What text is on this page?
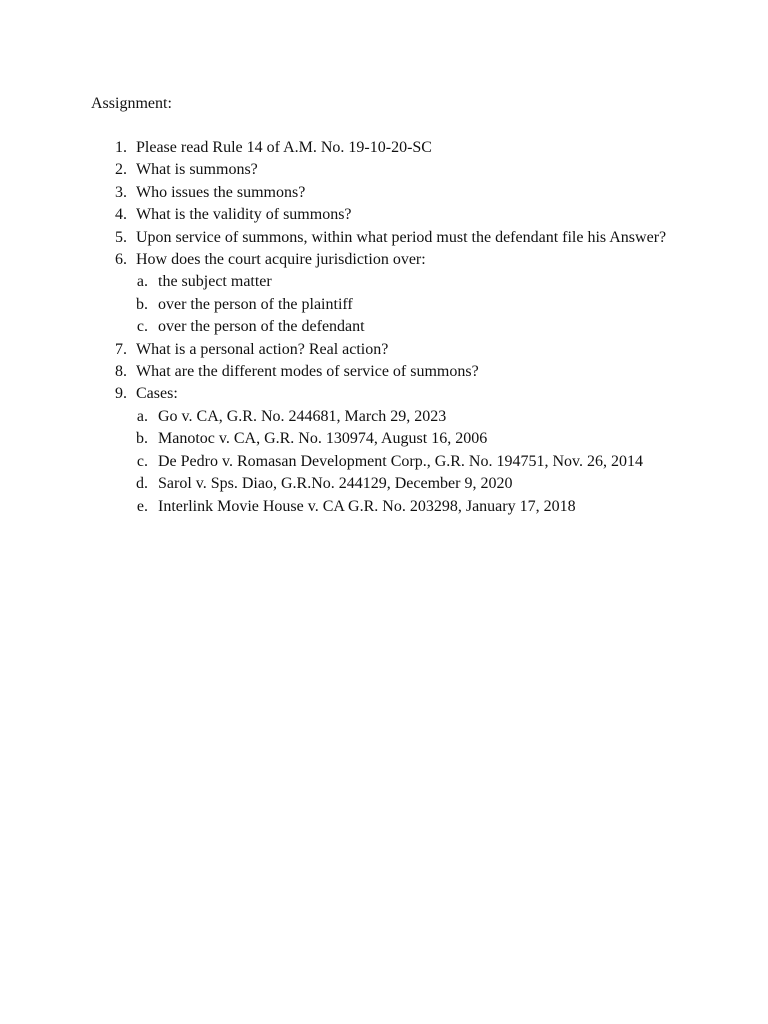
Assignment:

1. Please read Rule 14 of A.M. No. 19-10-20-SC
2. What is summons?
3. Who issues the summons?
4. What is the validity of summons?
5. Upon service of summons, within what period must the defendant file his Answer?
6. How does the court acquire jurisdiction over:
a. the subject matter
b. over the person of the plaintiff
c. over the person of the defendant
7. What is a personal action? Real action?
8. What are the different modes of service of summons?
9. Cases:
a. Go v. CA, G.R. No. 244681, March 29, 2023
b. Manotoc v. CA, G.R. No. 130974, August 16, 2006
c. De Pedro v. Romasan Development Corp., G.R. No. 194751, Nov. 26, 2014
d. Sarol v. Sps. Diao, G.R.No. 244129, December 9, 2020
e. Interlink Movie House v. CA G.R. No. 203298, January 17, 2018
